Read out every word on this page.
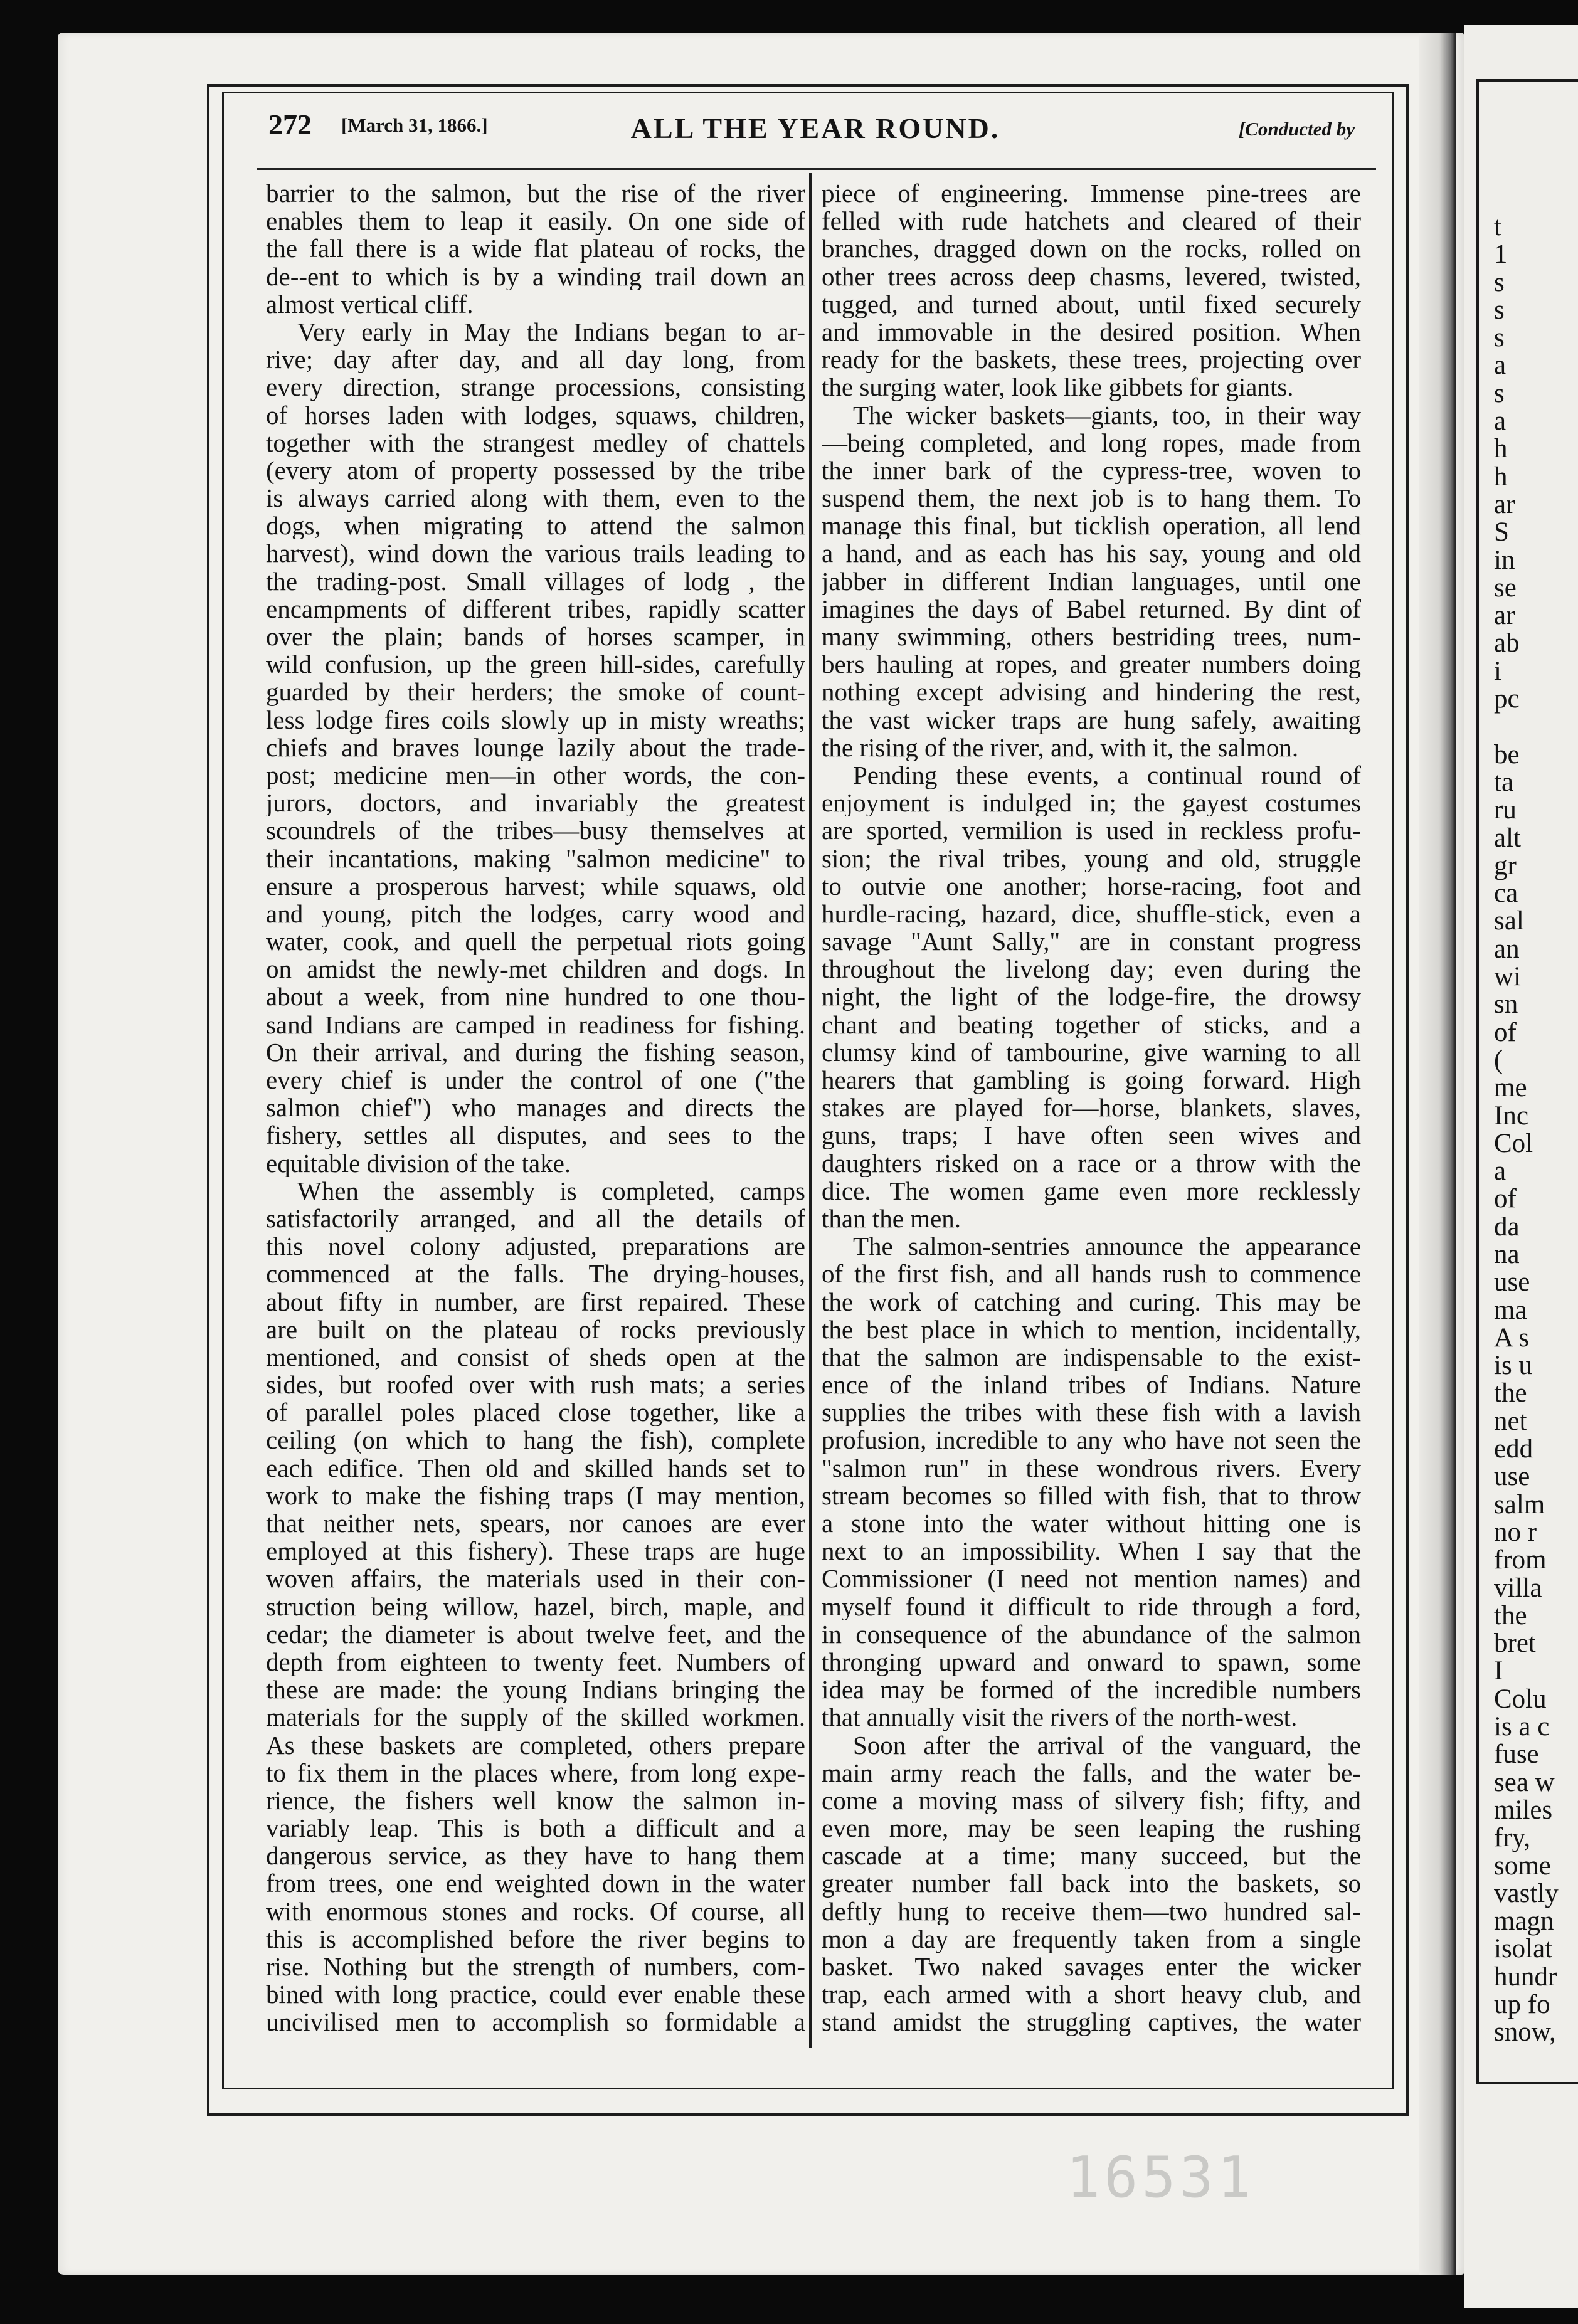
t
1
s
s
s
a
s
a
h
h
ar
S
in
se
ar
ab
i
pc
be
ta
ru
alt
gr
ca
sal
an
wi
sn
of
(
me
Inc
Col
a
of
da
na
use
ma
A s
is u
the
net
edd
use
salm
no r
from
villa
the
bret
I
Colu
is a c
fuse
sea w
miles
fry,
some
vastly
magn
isolat
hundr
up fo
snow,
272 [March 31, 1866.]	ALL THE YEAR ROUND.	[Conducted by
barrier to the salmon, but the rise of the river
enables them to leap it easily. On one side of
the fall there is a wide flat plateau of rocks, the
de--ent to which is by a winding trail down an
almost vertical cliff.
Very early in May the Indians began to ar-
rive; day after day, and all day long, from
every direction, strange processions, consisting
of horses laden with lodges, squaws, children,
together with the strangest medley of chattels
(every atom of property possessed by the tribe
is always carried along with them, even to the
dogs, when migrating to attend the salmon
harvest), wind down the various trails leading to
the trading-post. Small villages of lodg , the
encampments of different tribes, rapidly scatter
over the plain; bands of horses scamper, in
wild confusion, up the green hill-sides, carefully
guarded by their herders; the smoke of count-
less lodge fires coils slowly up in misty wreaths;
chiefs and braves lounge lazily about the trade-
post; medicine men—in other words, the con-
jurors, doctors, and invariably the greatest
scoundrels of the tribes—busy themselves at
their incantations, making "salmon medicine" to
ensure a prosperous harvest; while squaws, old
and young, pitch the lodges, carry wood and
water, cook, and quell the perpetual riots going
on amidst the newly-met children and dogs. In
about a week, from nine hundred to one thou-
sand Indians are camped in readiness for fishing.
On their arrival, and during the fishing season,
every chief is under the control of one ("the
salmon chief") who manages and directs the
fishery, settles all disputes, and sees to the
equitable division of the take.
When the assembly is completed, camps
satisfactorily arranged, and all the details of
this novel colony adjusted, preparations are
commenced at the falls. The drying-houses,
about fifty in number, are first repaired. These
are built on the plateau of rocks previously
mentioned, and consist of sheds open at the
sides, but roofed over with rush mats; a series
of parallel poles placed close together, like a
ceiling (on which to hang the fish), complete
each edifice. Then old and skilled hands set to
work to make the fishing traps (I may mention,
that neither nets, spears, nor canoes are ever
employed at this fishery). These traps are huge
woven affairs, the materials used in their con-
struction being willow, hazel, birch, maple, and
cedar; the diameter is about twelve feet, and the
depth from eighteen to twenty feet. Numbers of
these are made: the young Indians bringing the
materials for the supply of the skilled workmen.
As these baskets are completed, others prepare
to fix them in the places where, from long expe-
rience, the fishers well know the salmon in-
variably leap. This is both a difficult and a
dangerous service, as they have to hang them
from trees, one end weighted down in the water
with enormous stones and rocks. Of course, all
this is accomplished before the river begins to
rise. Nothing but the strength of numbers, com-
bined with long practice, could ever enable these
uncivilised men to accomplish so formidable a
piece of engineering. Immense pine-trees are
felled with rude hatchets and cleared of their
branches, dragged down on the rocks, rolled on
other trees across deep chasms, levered, twisted,
tugged, and turned about, until fixed securely
and immovable in the desired position. When
ready for the baskets, these trees, projecting over
the surging water, look like gibbets for giants.
The wicker baskets—giants, too, in their way
—being completed, and long ropes, made from
the inner bark of the cypress-tree, woven to
suspend them, the next job is to hang them. To
manage this final, but ticklish operation, all lend
a hand, and as each has his say, young and old
jabber in different Indian languages, until one
imagines the days of Babel returned. By dint of
many swimming, others bestriding trees, num-
bers hauling at ropes, and greater numbers doing
nothing except advising and hindering the rest,
the vast wicker traps are hung safely, awaiting
the rising of the river, and, with it, the salmon.
Pending these events, a continual round of
enjoyment is indulged in; the gayest costumes
are sported, vermilion is used in reckless profu-
sion; the rival tribes, young and old, struggle
to outvie one another; horse-racing, foot and
hurdle-racing, hazard, dice, shuffle-stick, even a
savage "Aunt Sally," are in constant progress
throughout the livelong day; even during the
night, the light of the lodge-fire, the drowsy
chant and beating together of sticks, and a
clumsy kind of tambourine, give warning to all
hearers that gambling is going forward. High
stakes are played for—horse, blankets, slaves,
guns, traps; I have often seen wives and
daughters risked on a race or a throw with the
dice. The women game even more recklessly
than the men.
The salmon-sentries announce the appearance
of the first fish, and all hands rush to commence
the work of catching and curing. This may be
the best place in which to mention, incidentally,
that the salmon are indispensable to the exist-
ence of the inland tribes of Indians. Nature
supplies the tribes with these fish with a lavish
profusion, incredible to any who have not seen the
"salmon run" in these wondrous rivers. Every
stream becomes so filled with fish, that to throw
a stone into the water without hitting one is
next to an impossibility. When I say that the
Commissioner (I need not mention names) and
myself found it difficult to ride through a ford,
in consequence of the abundance of the salmon
thronging upward and onward to spawn, some
idea may be formed of the incredible numbers
that annually visit the rivers of the north-west.
Soon after the arrival of the vanguard, the
main army reach the falls, and the water be-
come a moving mass of silvery fish; fifty, and
even more, may be seen leaping the rushing
cascade at a time; many succeed, but the
greater number fall back into the baskets, so
deftly hung to receive them—two hundred sal-
mon a day are frequently taken from a single
basket. Two naked savages enter the wicker
trap, each armed with a short heavy club, and
stand amidst the struggling captives, the water
16531
